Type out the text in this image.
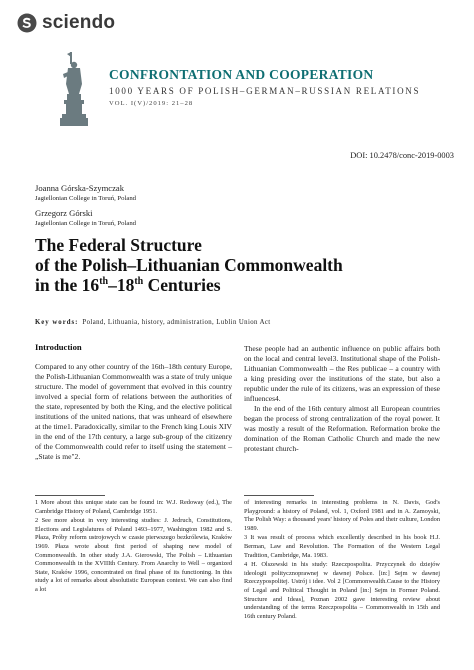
sciendo
CONFRONTATION AND COOPERATION
1000 YEARS OF POLISH–GERMAN–RUSSIAN RELATIONS
VOL. I(V)/2019: 21–28
DOI: 10.2478/conc-2019-0003
Joanna Górska-Szymczak
Jagiellonian College in Toruń, Poland
Grzegorz Górski
Jagiellonian College in Toruń, Poland
The Federal Structure
of the Polish–Lithuanian Commonwealth
in the 16th–18th Centuries
Key words: Poland, Lithuania, history, administration, Lublin Union Act
Introduction

Compared to any other country of the 16th–18th century Europe, the Polish-Lithuanian Commonwealth was a state of truly unique structure. The model of government that evolved in this country involved a special form of relations between the authorities of the state, represented by both the King, and the elective political institutions of the united nations, that was unheard of elsewhere at the time1. Paradoxically, similar to the French king Louis XIV in the end of the 17th century, a large sub-group of the citizenry of the Commonwealth could refer to itself using the statement – „State is me"2.

These people had an authentic influence on public affairs both on the local and central level3. Institutional shape of the Polish-Lithuanian Commonwealth – the Res publicae – a country with a king presiding over the institutions of the state, but also a republic under the rule of its citizens, was an expression of these influences4.

In the end of the 16th century almost all European countries began the process of strong centralization of the royal power. It was mostly a result of the Reformation. Reformation broke the domination of the Roman Catholic Church and made the new protestant church-

1 More about this unique state can be found in: W.J. Redoway (ed.), The Cambridge History of Poland, Cambridge 1951.

2 See more about in very interesting studies: J. Jedruch, Constitutions, Elections and Legislatures of Poland 1493–1977, Washington 1982 and S. Płaza, Próby reform ustrojowych w czasie pierwszego bezkrólewia, Kraków 1969. Płaza wrote about first period of shaping new model of Commonwealth. In other study J.A. Gierowski, The Polish – Lithuanian Commonwealth in the XVIIIth Century. From Anarchy to Well – organized State, Kraków 1996, concentrated on final phase of its functioning. In this study a lot of remarks about absolutistic European context. We can also find a lot

of interesting remarks in interesting problems in N. Davis, God's Playground: a history of Poland, vol. 1, Oxford 1981 and in A. Zamoyski, The Polish Way: a thousand years' history of Poles and their culture, London 1989.

3 It was result of process which excellently described in his book H.J. Berman, Law and Revolution. The Formation of the Western Legal Tradition, Cambridge, Ma. 1983.

4 H. Olszewski in his study: Rzeczpospolita. Przyczynek do dziejów ideologii politycznoprawnej w dawnej Polsce. [in:] Sejm w dawnej Rzeczypospolitej. Ustrój i idee. Vol 2 [Commonwealth.Cause to the History of Legal and Political Thought in Poland [in:] Sejm in Former Poland. Structure and Ideas], Poznan 2002 gave interesting review about understanding of the terms Rzeczpospolita – Commonwealth in 15th and 16th century Poland.
